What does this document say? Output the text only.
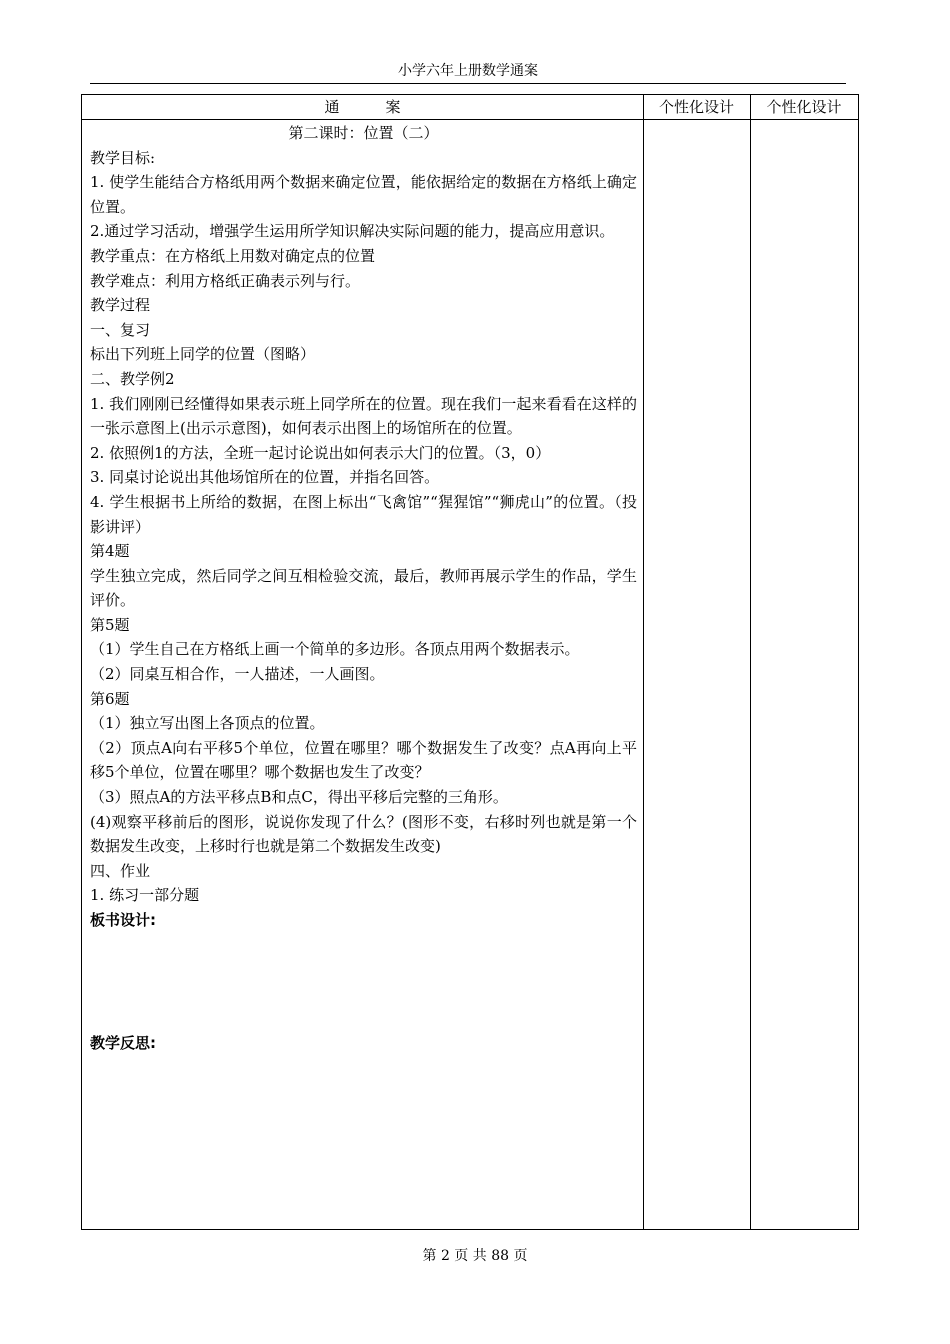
小学六年上册数学通案
通案	个性化设计	个性化设计

第二课时：位置（二）

教学目标:

1. 使学生能结合方格纸用两个数据来确定位置，能依据给定的数据在方格纸上确定位置。

2.通过学习活动，增强学生运用所学知识解决实际问题的能力，提高应用意识。

教学重点：在方格纸上用数对确定点的位置

教学难点：利用方格纸正确表示列与行。

教学过程

一、复习

标出下列班上同学的位置（图略）

二、教学例2

1. 我们刚刚已经懂得如果表示班上同学所在的位置。现在我们一起来看看在这样的一张示意图上(出示示意图)，如何表示出图上的场馆所在的位置。

2. 依照例1的方法，全班一起讨论说出如何表示大门的位置。（3，0）

3. 同桌讨论说出其他场馆所在的位置，并指名回答。

4. 学生根据书上所给的数据，在图上标出“飞禽馆”“猩猩馆”“狮虎山”的位置。（投影讲评）

第4题

学生独立完成，然后同学之间互相检验交流，最后，教师再展示学生的作品，学生评价。

第5题

（1）学生自己在方格纸上画一个简单的多边形。各顶点用两个数据表示。

（2）同桌互相合作，一人描述，一人画图。

第6题

（1）独立写出图上各顶点的位置。

（2）顶点A向右平移5个单位，位置在哪里？哪个数据发生了改变？点A再向上平移5个单位，位置在哪里？哪个数据也发生了改变？

（3）照点A的方法平移点B和点C，得出平移后完整的三角形。

(4)观察平移前后的图形，说说你发现了什么？(图形不变，右移时列也就是第一个数据发生改变，上移时行也就是第二个数据发生改变)

四、作业

1. 练习一部分题

板书设计:

教学反思:

第 2 页 共 88 页
